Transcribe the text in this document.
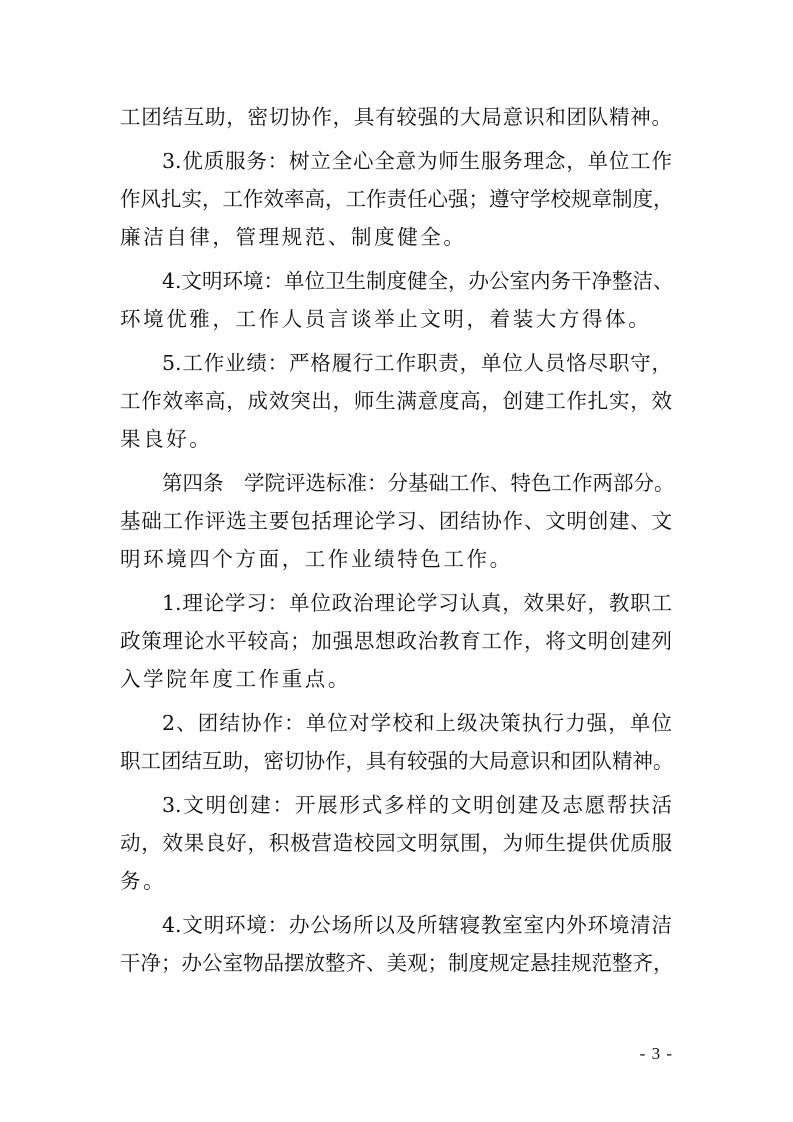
工团结互助，密切协作，具有较强的大局意识和团队精神。
3.优质服务：树立全心全意为师生服务理念，单位工作
作风扎实，工作效率高，工作责任心强；遵守学校规章制度，
廉洁自律，管理规范、制度健全。
4.文明环境：单位卫生制度健全，办公室内务干净整洁、
环境优雅，工作人员言谈举止文明，着装大方得体。
5.工作业绩：严格履行工作职责，单位人员恪尽职守，
工作效率高，成效突出，师生满意度高，创建工作扎实，效
果良好。
第四条　学院评选标准：分基础工作、特色工作两部分。
基础工作评选主要包括理论学习、团结协作、文明创建、文
明环境四个方面，工作业绩特色工作。
1.理论学习：单位政治理论学习认真，效果好，教职工
政策理论水平较高；加强思想政治教育工作，将文明创建列
入学院年度工作重点。
2、团结协作：单位对学校和上级决策执行力强，单位
职工团结互助，密切协作，具有较强的大局意识和团队精神。
3.文明创建：开展形式多样的文明创建及志愿帮扶活
动，效果良好，积极营造校园文明氛围，为师生提供优质服
务。
4.文明环境：办公场所以及所辖寝教室室内外环境清洁
干净；办公室物品摆放整齐、美观；制度规定悬挂规范整齐，
- 3 -
